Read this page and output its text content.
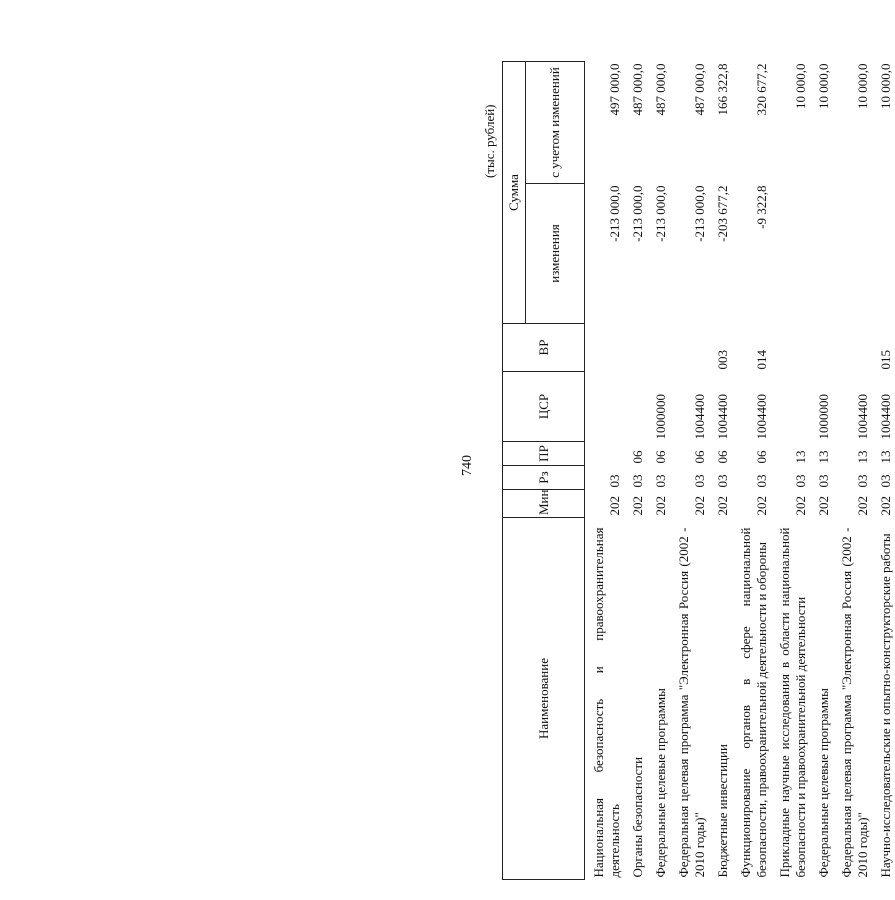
740
(тыс. рублей)
Наименование	Мин	Рз	ПР	ЦСР	ВР	Сумма	
						изменения	с учетом изменений
Национальная безопасность и правоохранительная деятельность	202	03				-213 000,0	497 000,0
Органы безопасности	202	03	06			-213 000,0	487 000,0
Федеральные целевые программы	202	03	06	1000000		-213 000,0	487 000,0
Федеральная целевая программа "Электронная Россия (2002 - 2010 годы)"	202	03	06	1004400		-213 000,0	487 000,0
Бюджетные инвестиции	202	03	06	1004400	003	-203 677,2	166 322,8
Функционирование органов в сфере национальной безопасности, правоохранительной деятельности и обороны	202	03	06	1004400	014	-9 322,8	320 677,2
Прикладные научные исследования в области национальной безопасности и правоохранительной деятельности	202	03	13				10 000,0
Федеральные целевые программы	202	03	13	1000000			10 000,0
Федеральная целевая программа "Электронная Россия (2002 - 2010 годы)"	202	03	13	1004400			10 000,0
Научно-исследовательские и опытно-конструкторские работы	202	03	13	1004400	015		10 000,0
